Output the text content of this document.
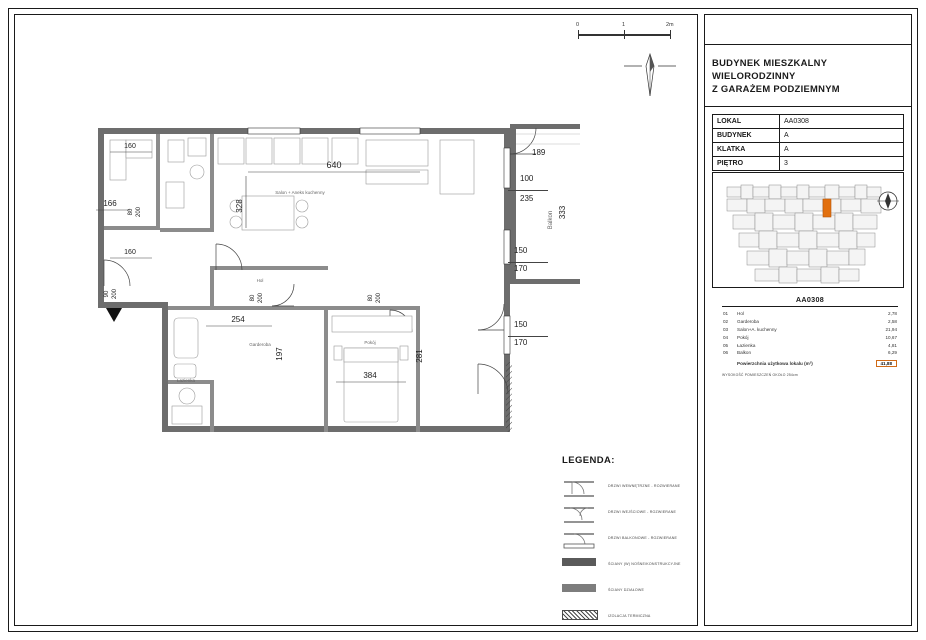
0	1	2m
640
328
160
166
80 200
160
90 200	80 200	80 200
254
197
384
281
Balkon
Salon + Aneks kuchenny
Pokój
Hol
Garderoba
Łazienka
189
100
235
333
150
170
150
170
LEGENDA:
DRZWI WEWNĘTRZNE - ROZWIERANE
DRZWI WEJŚCIOWE - ROZWIERANE
DRZWI BALKONOWE - ROZWIERANE
ŚCIANY (W) NOŚNE/KONSTRUKCYJNE
ŚCIANY DZIAŁOWE
IZOLACJA TERMICZNA
BUDYNEK MIESZKALNY WIELORODZINNY
Z GARAŻEM PODZIEMNYM
LOKAL	AA0308
BUDYNEK	A
KLATKA	A
PIĘTRO	3
AA0308
01	Hol	2,78
02	Garderoba	2,58
03	Salon+A. kuchenny	21,94
04	Pokój	10,67
05	Łazienka	4,81
06	Balkon	6,29
	Powierzchnia użytkowa lokalu (m²)	41,88
WYSOKOŚĆ POMIESZCZEŃ OKOŁO 254cm
